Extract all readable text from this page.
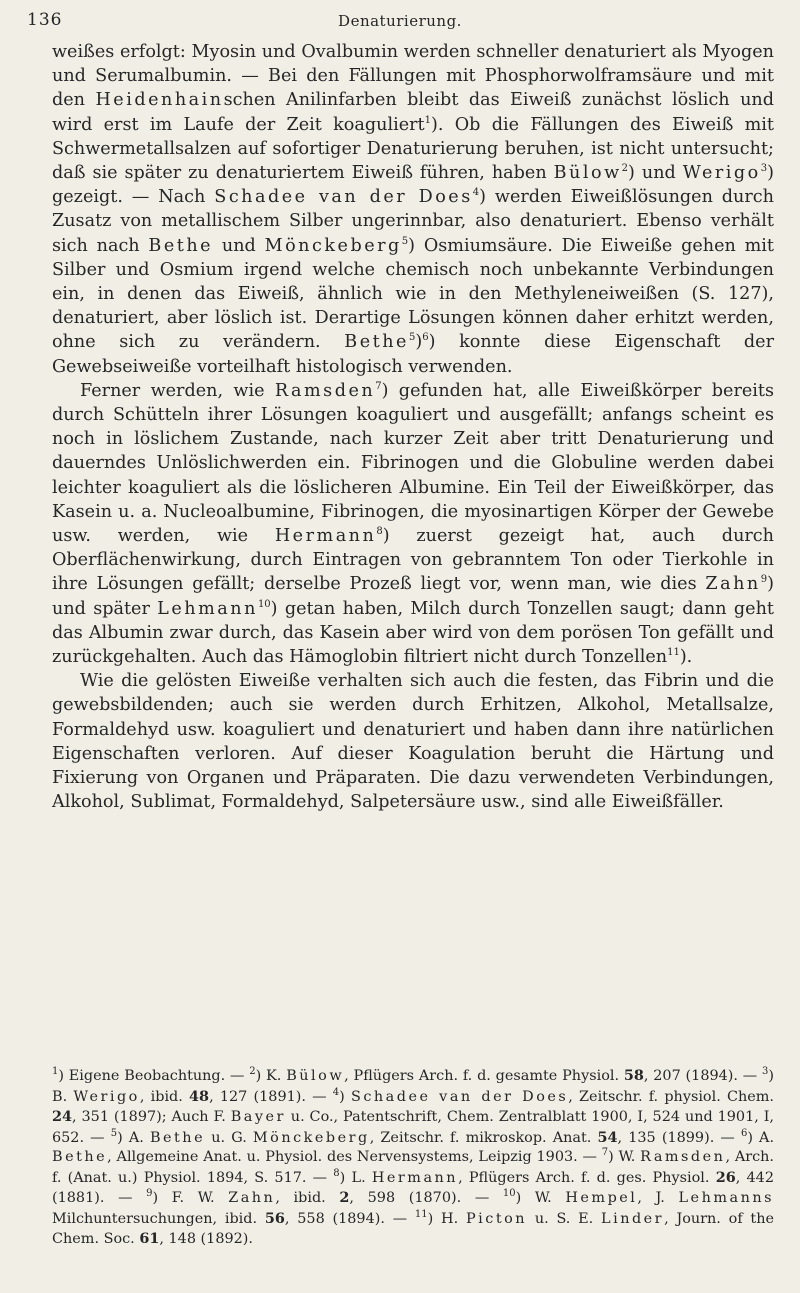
136	Denaturierung.

weißes erfolgt: Myosin und Ovalbumin werden schneller denaturiert als Myogen und Serumalbumin. — Bei den Fällungen mit Phosphorwolframsäure und mit den Heidenhainschen Anilinfarben bleibt das Eiweiß zunächst löslich und wird erst im Laufe der Zeit koaguliert$^1$). Ob die Fällungen des Eiweiß mit Schwermetallsalzen auf sofortiger Denaturierung beruhen, ist nicht untersucht; daß sie später zu denaturiertem Eiweiß führen, haben Bülow$^2$) und Werigo$^3$) gezeigt. — Nach Schadee van der Does$^4$) werden Eiweißlösungen durch Zusatz von metallischem Silber ungerinnbar, also denaturiert. Ebenso verhält sich nach Bethe und Mönckeberg$^5$) Osmiumsäure. Die Eiweiße gehen mit Silber und Osmium irgend welche chemisch noch unbekannte Verbindungen ein, in denen das Eiweiß, ähnlich wie in den Methyleneiweißen (S. 127), denaturiert, aber löslich ist. Derartige Lösungen können daher erhitzt werden, ohne sich zu verändern. Bethe$^5$)$^6$) konnte diese Eigenschaft der Gewebseiweiße vorteilhaft histologisch verwenden.

Ferner werden, wie Ramsden$^7$) gefunden hat, alle Eiweißkörper bereits durch Schütteln ihrer Lösungen koaguliert und ausgefällt; anfangs scheint es noch in löslichem Zustande, nach kurzer Zeit aber tritt Denaturierung und dauerndes Unlöslichwerden ein. Fibrinogen und die Globuline werden dabei leichter koaguliert als die löslicheren Albumine. Ein Teil der Eiweißkörper, das Kasein u. a. Nucleoalbumine, Fibrinogen, die myosinartigen Körper der Gewebe usw. werden, wie Hermann$^8$) zuerst gezeigt hat, auch durch Oberflächenwirkung, durch Eintragen von gebranntem Ton oder Tierkohle in ihre Lösungen gefällt; derselbe Prozeß liegt vor, wenn man, wie dies Zahn$^9$) und später Lehmann$^{10}$) getan haben, Milch durch Tonzellen saugt; dann geht das Albumin zwar durch, das Kasein aber wird von dem porösen Ton gefällt und zurückgehalten. Auch das Hämoglobin filtriert nicht durch Tonzellen$^{11}$).

Wie die gelösten Eiweiße verhalten sich auch die festen, das Fibrin und die gewebsbildenden; auch sie werden durch Erhitzen, Alkohol, Metallsalze, Formaldehyd usw. koaguliert und denaturiert und haben dann ihre natürlichen Eigenschaften verloren. Auf dieser Koagulation beruht die Härtung und Fixierung von Organen und Präparaten. Die dazu verwendeten Verbindungen, Alkohol, Sublimat, Formaldehyd, Salpetersäure usw., sind alle Eiweißfäller.

$^1$) Eigene Beobachtung. — $^2$) K. Bülow, Pflügers Arch. f. d. gesamte Physiol. 58, 207 (1894). — $^3$) B. Werigo, ibid. 48, 127 (1891). — $^4$) Schadee van der Does, Zeitschr. f. physiol. Chem. 24, 351 (1897); Auch F. Bayer u. Co., Patentschrift, Chem. Zentralblatt 1900, I, 524 und 1901, I, 652. — $^5$) A. Bethe u. G. Mönckeberg, Zeitschr. f. mikroskop. Anat. 54, 135 (1899). — $^6$) A. Bethe, Allgemeine Anat. u. Physiol. des Nervensystems, Leipzig 1903. — $^7$) W. Ramsden, Arch. f. (Anat. u.) Physiol. 1894, S. 517. — $^8$) L. Hermann, Pflügers Arch. f. d. ges. Physiol. 26, 442 (1881). — $^9$) F. W. Zahn, ibid. 2, 598 (1870). — $^{10}$) W. Hempel, J. Lehmanns Milchuntersuchungen, ibid. 56, 558 (1894). — $^{11}$) H. Picton u. S. E. Linder, Journ. of the Chem. Soc. 61, 148 (1892).
